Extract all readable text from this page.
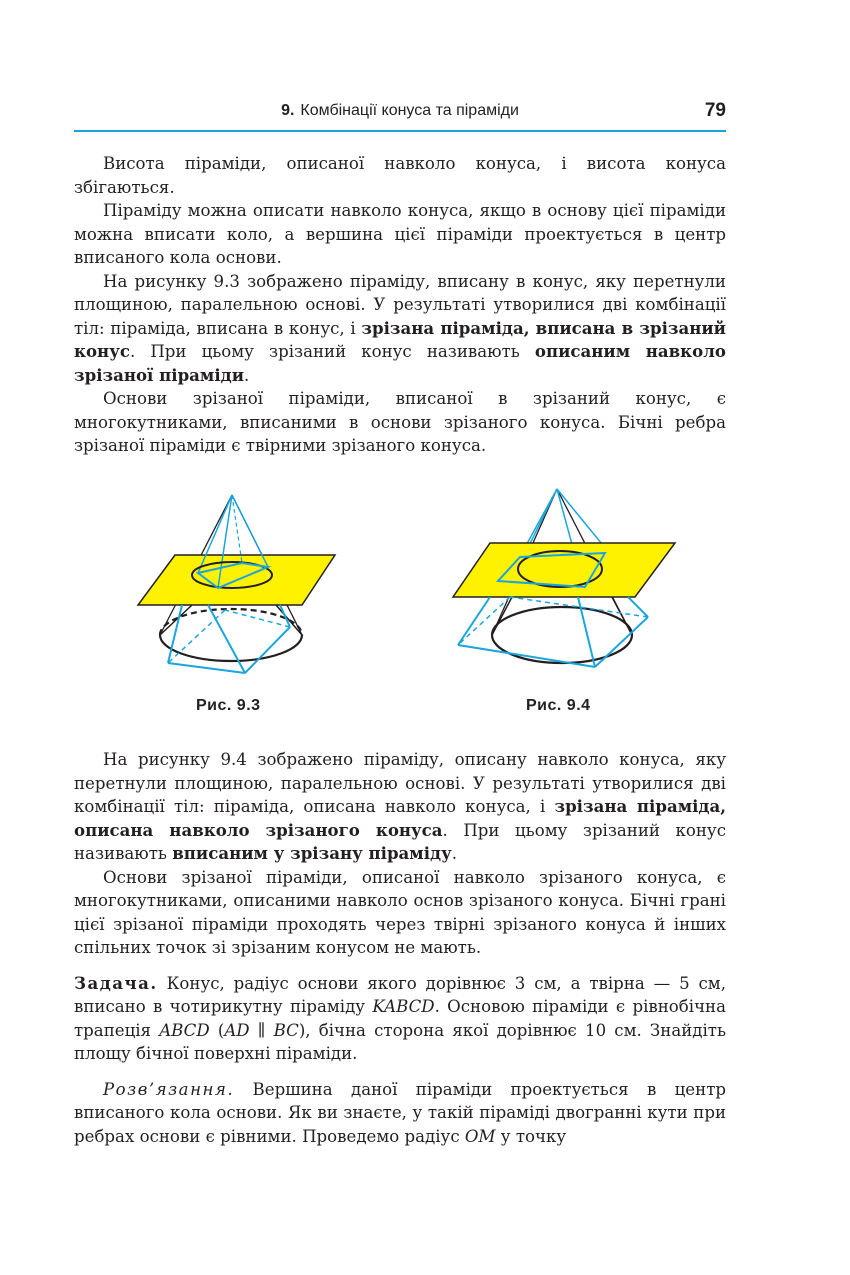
9. Комбінації конуса та піраміди	79

Висота піраміди, описаної навколо конуса, і висота конуса збігаються.

Піраміду можна описати навколо конуса, якщо в основу цієї піраміди можна вписати коло, а вершина цієї піраміди проектується в центр вписаного кола основи.

На рисунку 9.3 зображено піраміду, вписану в конус, яку перетнули площиною, паралельною основі. У результаті утворилися дві комбінації тіл: піраміда, вписана в конус, і зрізана піраміда, вписана в зрізаний конус. При цьому зрізаний конус називають описаним навколо зрізаної піраміди.

Основи зрізаної піраміди, вписаної в зрізаний конус, є многокутниками, вписаними в основи зрізаного конуса. Бічні ребра зрізаної піраміди є твірними зрізаного конуса.

Рис. 9.3	Рис. 9.4

На рисунку 9.4 зображено піраміду, описану навколо конуса, яку перетнули площиною, паралельною основі. У результаті утворилися дві комбінації тіл: піраміда, описана навколо конуса, і зрізана піраміда, описана навколо зрізаного конуса. При цьому зрізаний конус називають вписаним у зрізану піраміду.

Основи зрізаної піраміди, описаної навколо зрізаного конуса, є многокутниками, описаними навколо основ зрізаного конуса. Бічні грані цієї зрізаної піраміди проходять через твірні зрізаного конуса й інших спільних точок зі зрізаним конусом не мають.

Задача. Конус, радіус основи якого дорівнює 3 см, а твірна — 5 см, вписано в чотирикутну піраміду KABCD. Основою піраміди є рівнобічна трапеція ABCD (AD ∥ BC), бічна сторона якої дорівнює 10 см. Знайдіть площу бічної поверхні піраміди.

Розв’язання. Вершина даної піраміди проектується в центр вписаного кола основи. Як ви знаєте, у такій піраміді двогранні кути при ребрах основи є рівними. Проведемо радіус OM у точку
